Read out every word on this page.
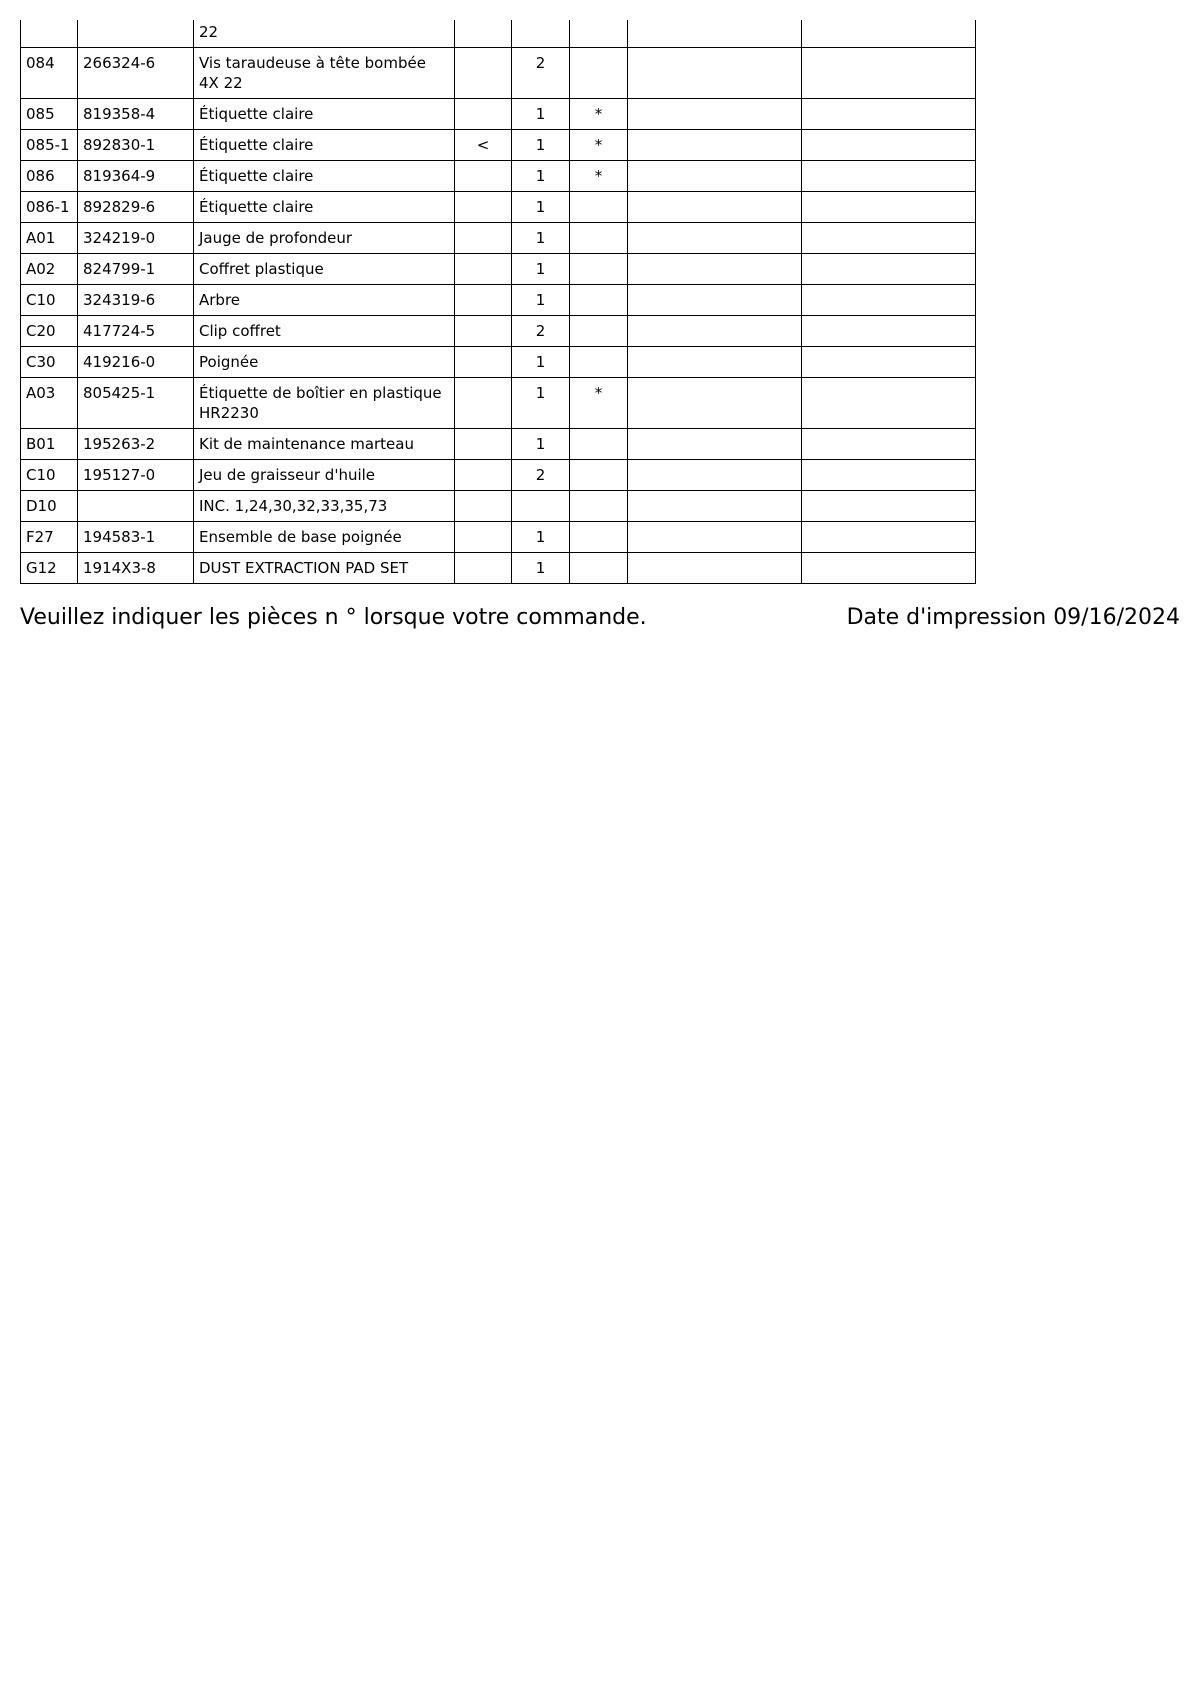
		22					
084	266324-6	Vis taraudeuse à tête bombée 4X 22		2			
085	819358-4	Étiquette claire		1	*		
085-1	892830-1	Étiquette claire	<	1	*		
086	819364-9	Étiquette claire		1	*		
086-1	892829-6	Étiquette claire		1			
A01	324219-0	Jauge de profondeur		1			
A02	824799-1	Coffret plastique		1			
C10	324319-6	Arbre		1			
C20	417724-5	Clip coffret		2			
C30	419216-0	Poignée		1			
A03	805425-1	Étiquette de boîtier en plastique HR2230		1	*		
B01	195263-2	Kit de maintenance marteau		1			
C10	195127-0	Jeu de graisseur d'huile		2			
D10		INC. 1,24,30,32,33,35,73					
F27	194583-1	Ensemble de base poignée		1			
G12	1914X3-8	DUST EXTRACTION PAD SET		1			
Veuillez indiquer les pièces n ° lorsque votre commande.	Date d'impression 09/16/2024
